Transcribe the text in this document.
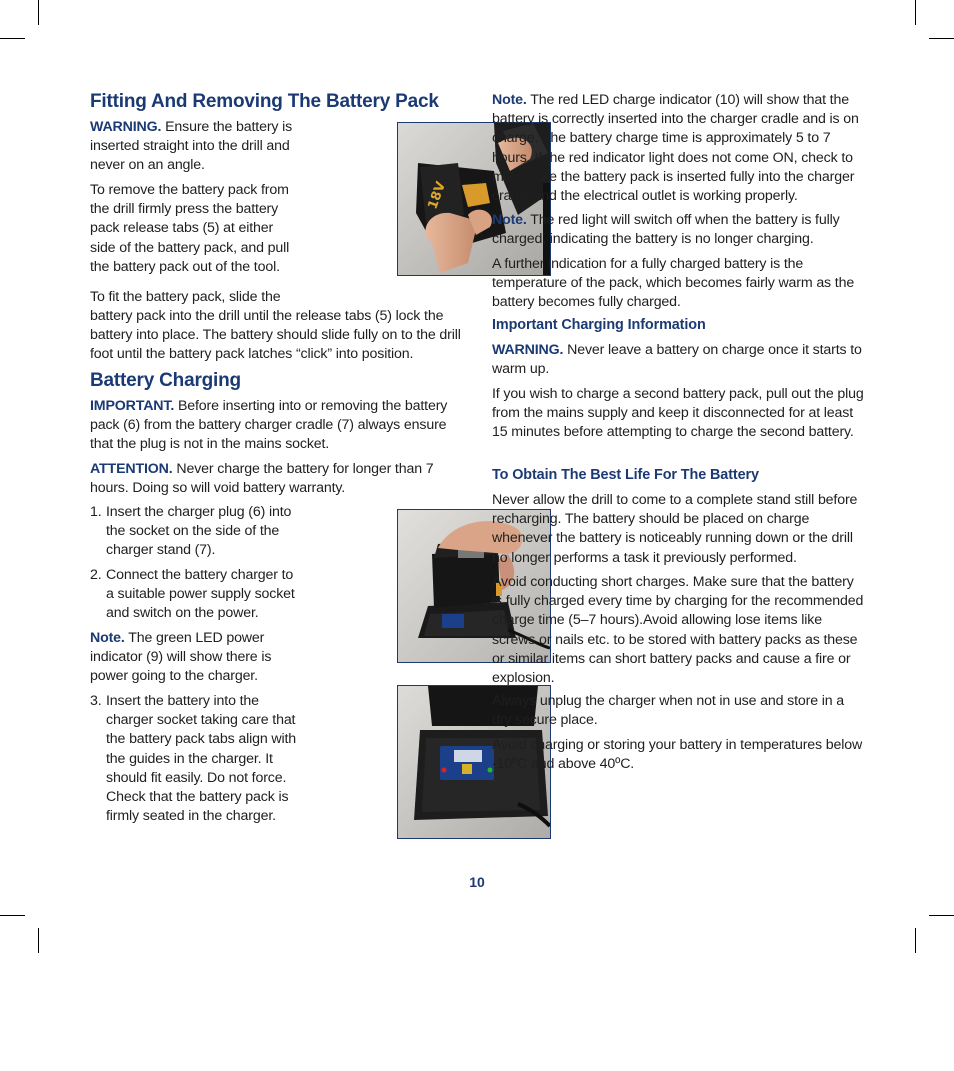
Fitting And Removing The Battery Pack

WARNING. Ensure the battery is inserted straight into the drill and never on an angle.

To remove the battery pack from the drill firmly press the battery pack release tabs (5) at either side of the battery pack, and pull the battery pack out of the tool.

18V

To fit the battery pack, slide the

battery pack into the drill until the release tabs (5) lock the battery into place. The battery should slide fully on to the drill foot until the battery pack latches “click” into position.

Battery Charging

IMPORTANT. Before inserting into or removing the battery pack (6) from the battery charger cradle (7) always ensure that the plug is not in the mains socket.

ATTENTION. Never charge the battery for longer than 7 hours. Doing so will void battery warranty.

1. Insert the charger plug (6) into the socket on the side of the charger stand (7).

2. Connect the battery charger to a suitable power supply socket and switch on the power.

Note. The green LED power indicator (9) will show there is power going to the charger.

3. Insert the battery into the charger socket taking care that the battery pack tabs align with the guides in the charger. It should fit easily. Do not force. Check that the battery pack is firmly seated in the charger.

Note. The red LED charge indicator (10) will show that the battery is correctly inserted into the charger cradle and is on charge. The battery charge time is approximately 5 to 7 hours. If the red indicator light does not come ON, check to make sure the battery pack is inserted fully into the charger cradle and the electrical outlet is working properly.

Note. The red light will switch off when the battery is fully charged, indicating the battery is no longer charging.

A further indication for a fully charged battery is the temperature of the pack, which becomes fairly warm as the battery becomes fully charged.

Important Charging Information

WARNING. Never leave a battery on charge once it starts to warm up.

If you wish to charge a second battery pack, pull out the plug from the mains supply and keep it disconnected for at least 15 minutes before attempting to charge the second battery.

To Obtain The Best Life For The Battery

Never allow the drill to come to a complete stand still before recharging. The battery should be placed on charge whenever the battery is noticeably running down or the drill no longer performs a task it previously performed.

Avoid conducting short charges. Make sure that the battery is fully charged every time by charging for the recommended charge time (5–7 hours).Avoid allowing lose items like screws or nails etc. to be stored with battery packs as these or similar items can short battery packs and cause a fire or explosion.

Always unplug the charger when not in use and store in a dry secure place.

Avoid charging or storing your battery in temperatures below -10ºC and above 40ºC.

10
